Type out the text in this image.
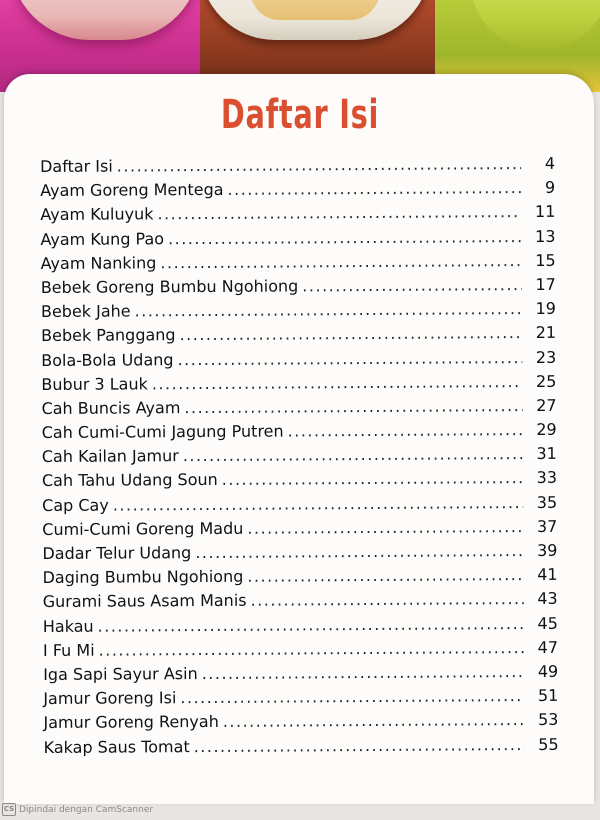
Daftar Isi
Daftar Isi .....	4
Ayam Goreng Mentega .....	9
Ayam Kuluyuk .....	11
Ayam Kung Pao .....	13
Ayam Nanking .....	15
Bebek Goreng Bumbu Ngohiong .....	17
Bebek Jahe .....	19
Bebek Panggang .....	21
Bola-Bola Udang .....	23
Bubur 3 Lauk .....	25
Cah Buncis Ayam .....	27
Cah Cumi-Cumi Jagung Putren .....	29
Cah Kailan Jamur .....	31
Cah Tahu Udang Soun .....	33
Cap Cay .....	35
Cumi-Cumi Goreng Madu .....	37
Dadar Telur Udang .....	39
Daging Bumbu Ngohiong .....	41
Gurami Saus Asam Manis .....	43
Hakau .....	45
I Fu Mi .....	47
Iga Sapi Sayur Asin .....	49
Jamur Goreng Isi .....	51
Jamur Goreng Renyah .....	53
Kakap Saus Tomat .....	55
CS Dipindai dengan CamScanner
